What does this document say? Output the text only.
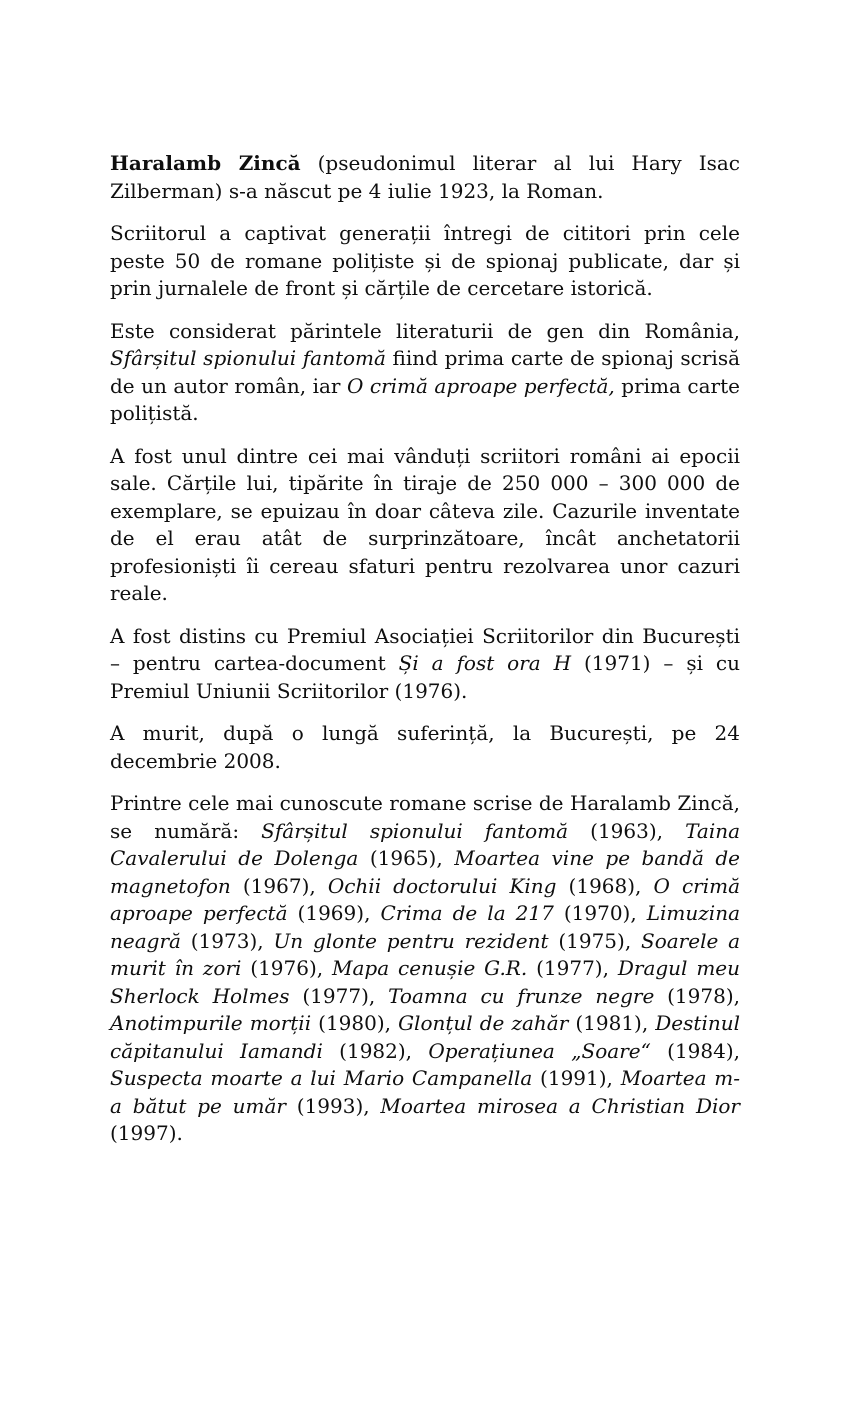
Haralamb Zincă (pseudonimul literar al lui Hary Isac Zilberman) s-a născut pe 4 iulie 1923, la Roman.

Scriitorul a captivat generații întregi de cititori prin cele peste 50 de romane polițiste și de spionaj publicate, dar și prin jurnalele de front și cărțile de cercetare istorică.

Este considerat părintele literaturii de gen din România, Sfârșitul spionului fantomă fiind prima carte de spionaj scrisă de un autor român, iar O crimă aproape perfectă, prima carte polițistă.

A fost unul dintre cei mai vânduți scriitori români ai epocii sale. Cărțile lui, tipărite în tiraje de 250 000 – 300 000 de exemplare, se epuizau în doar câteva zile. Cazurile inventate de el erau atât de surprinzătoare, încât anchetatorii profesioniști îi cereau sfaturi pentru rezolvarea unor cazuri reale.

A fost distins cu Premiul Asociației Scriitorilor din București – pentru cartea-document Și a fost ora H (1971) – și cu Premiul Uniunii Scriitorilor (1976).

A murit, după o lungă suferință, la București, pe 24 decembrie 2008.

Printre cele mai cunoscute romane scrise de Haralamb Zincă, se numără: Sfârșitul spionului fantomă (1963), Taina Cavalerului de Dolenga (1965), Moartea vine pe bandă de magnetofon (1967), Ochii doctorului King (1968), O crimă aproape perfectă (1969), Crima de la 217 (1970), Limuzina neagră (1973), Un glonte pentru rezident (1975), Soarele a murit în zori (1976), Mapa cenușie G.R. (1977), Dragul meu Sherlock Holmes (1977), Toamna cu frunze negre (1978), Anotimpurile morții (1980), Glonțul de zahăr (1981), Destinul căpitanului Iamandi (1982), Operațiunea „Soare“ (1984), Suspecta moarte a lui Mario Campanella (1991), Moartea m-a bătut pe umăr (1993), Moartea mirosea a Christian Dior (1997).
